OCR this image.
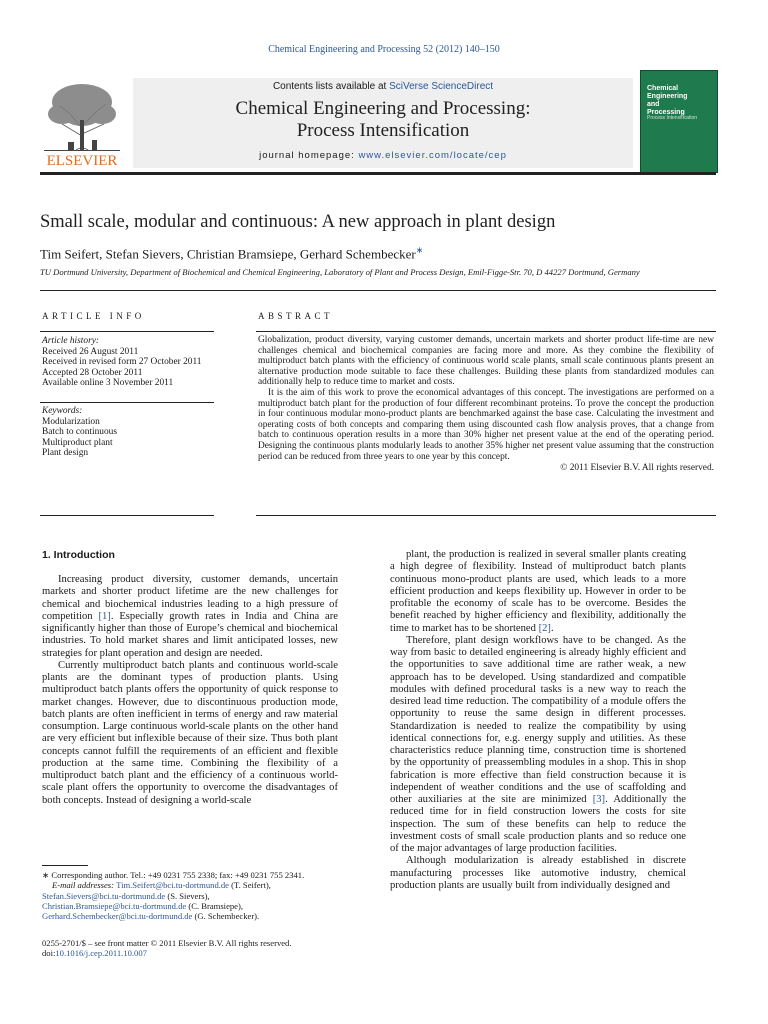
Chemical Engineering and Processing 52 (2012) 140–150
ELSEVIER
Contents lists available at SciVerse ScienceDirect
Chemical Engineering and Processing:
Process Intensification
journal homepage: www.elsevier.com/locate/cep
Chemical
Engineering
and
Processing
Process Intensification
Small scale, modular and continuous: A new approach in plant design
Tim Seifert, Stefan Sievers, Christian Bramsiepe, Gerhard Schembecker∗
TU Dortmund University, Department of Biochemical and Chemical Engineering, Laboratory of Plant and Process Design, Emil-Figge-Str. 70, D 44227 Dortmund, Germany
ARTICLE INFO	ABSTRACT
Article history:
Received 26 August 2011
Received in revised form 27 October 2011
Accepted 28 October 2011
Available online 3 November 2011
Keywords:
Modularization
Batch to continuous
Multiproduct plant
Plant design

Globalization, product diversity, varying customer demands, uncertain markets and shorter product life-time are new challenges chemical and biochemical companies are facing more and more. As they combine the flexibility of multiproduct batch plants with the efficiency of continuous world scale plants, small scale continuous plants present an alternative production mode suitable to face these challenges. Building these plants from standardized modules can additionally help to reduce time to market and costs.

It is the aim of this work to prove the economical advantages of this concept. The investigations are performed on a multiproduct batch plant for the production of four different recombinant proteins. To prove the concept the production in four continuous modular mono-product plants are benchmarked against the base case. Calculating the investment and operating costs of both concepts and comparing them using discounted cash flow analysis proves, that a change from batch to continuous operation results in a more than 30% higher net present value at the end of the operating period. Designing the continuous plants modularly leads to another 35% higher net present value assuming that the construction period can be reduced from three years to one year by this concept.

© 2011 Elsevier B.V. All rights reserved.

1. Introduction

Increasing product diversity, customer demands, uncertain markets and shorter product lifetime are the new challenges for chemical and biochemical industries leading to a high pressure of competition [1]. Especially growth rates in India and China are significantly higher than those of Europe’s chemical and biochemical industries. To hold market shares and limit anticipated losses, new strategies for plant operation and design are needed.

Currently multiproduct batch plants and continuous world-scale plants are the dominant types of production plants. Using multiproduct batch plants offers the opportunity of quick response to market changes. However, due to discontinuous production mode, batch plants are often inefficient in terms of energy and raw material consumption. Large continuous world-scale plants on the other hand are very efficient but inflexible because of their size. Thus both plant concepts cannot fulfill the requirements of an efficient and flexible production at the same time. Combining the flexibility of a multiproduct batch plant and the efficiency of a continuous world-scale plant offers the opportunity to overcome the disadvantages of both concepts. Instead of designing a world-scale

plant, the production is realized in several smaller plants creating a high degree of flexibility. Instead of multiproduct batch plants continuous mono-product plants are used, which leads to a more efficient production and keeps flexibility up. However in order to be profitable the economy of scale has to be overcome. Besides the benefit reached by higher efficiency and flexibility, additionally the time to market has to be shortened [2].

Therefore, plant design workflows have to be changed. As the way from basic to detailed engineering is already highly efficient and the opportunities to save additional time are rather weak, a new approach has to be developed. Using standardized and compatible modules with defined procedural tasks is a new way to reach the desired lead time reduction. The compatibility of a module offers the opportunity to reuse the same design in different processes. Standardization is needed to realize the compatibility by using identical connections for, e.g. energy supply and utilities. As these characteristics reduce planning time, construction time is shortened by the opportunity of preassembling modules in a shop. This in shop fabrication is more effective than field construction because it is independent of weather conditions and the use of scaffolding and other auxiliaries at the site are minimized [3]. Additionally the reduced time for in field construction lowers the costs for site inspection. The sum of these benefits can help to reduce the investment costs of small scale production plants and so reduce one of the major advantages of large production facilities.

Although modularization is already established in discrete manufacturing processes like automotive industry, chemical production plants are usually built from individually designed and

∗ Corresponding author. Tel.: +49 0231 755 2338; fax: +49 0231 755 2341.
E-mail addresses: Tim.Seifert@bci.tu-dortmund.de (T. Seifert),
Stefan.Sievers@bci.tu-dortmund.de (S. Sievers),
Christian.Bramsiepe@bci.tu-dortmund.de (C. Bramsiepe),
Gerhard.Schembecker@bci.tu-dortmund.de (G. Schembecker).
0255-2701/$ – see front matter © 2011 Elsevier B.V. All rights reserved.
doi:10.1016/j.cep.2011.10.007
